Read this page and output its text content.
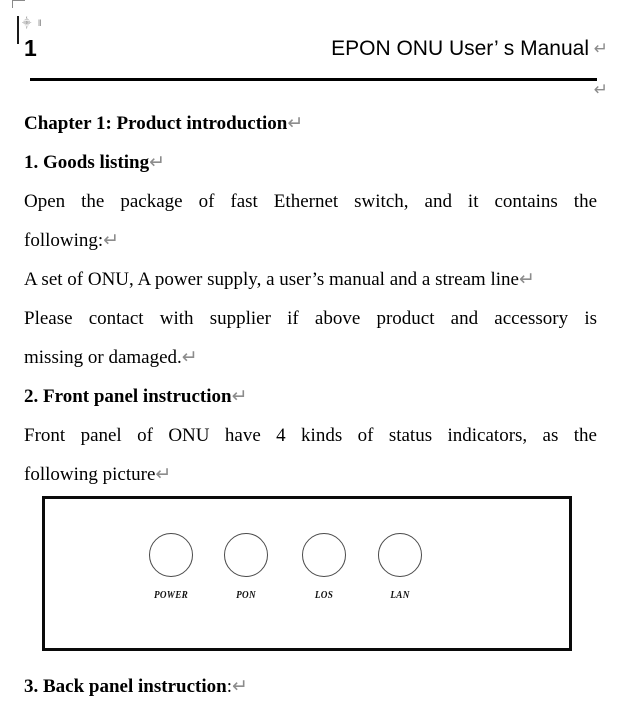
⸎ ‖
1	EPON ONU User’ s Manual ↵
↵

Chapter 1: Product introduction↵

1. Goods listing↵

Open the package of fast Ethernet switch, and it contains the
following:↵

A set of ONU, A power supply, a user’s manual and a stream line↵

Please contact with supplier if above product and accessory is
missing or damaged.↵

2. Front panel instruction↵

Front panel of ONU have 4 kinds of status indicators, as the
following picture↵

POWER	PON	LOS	LAN
3. Back panel instruction:↵
